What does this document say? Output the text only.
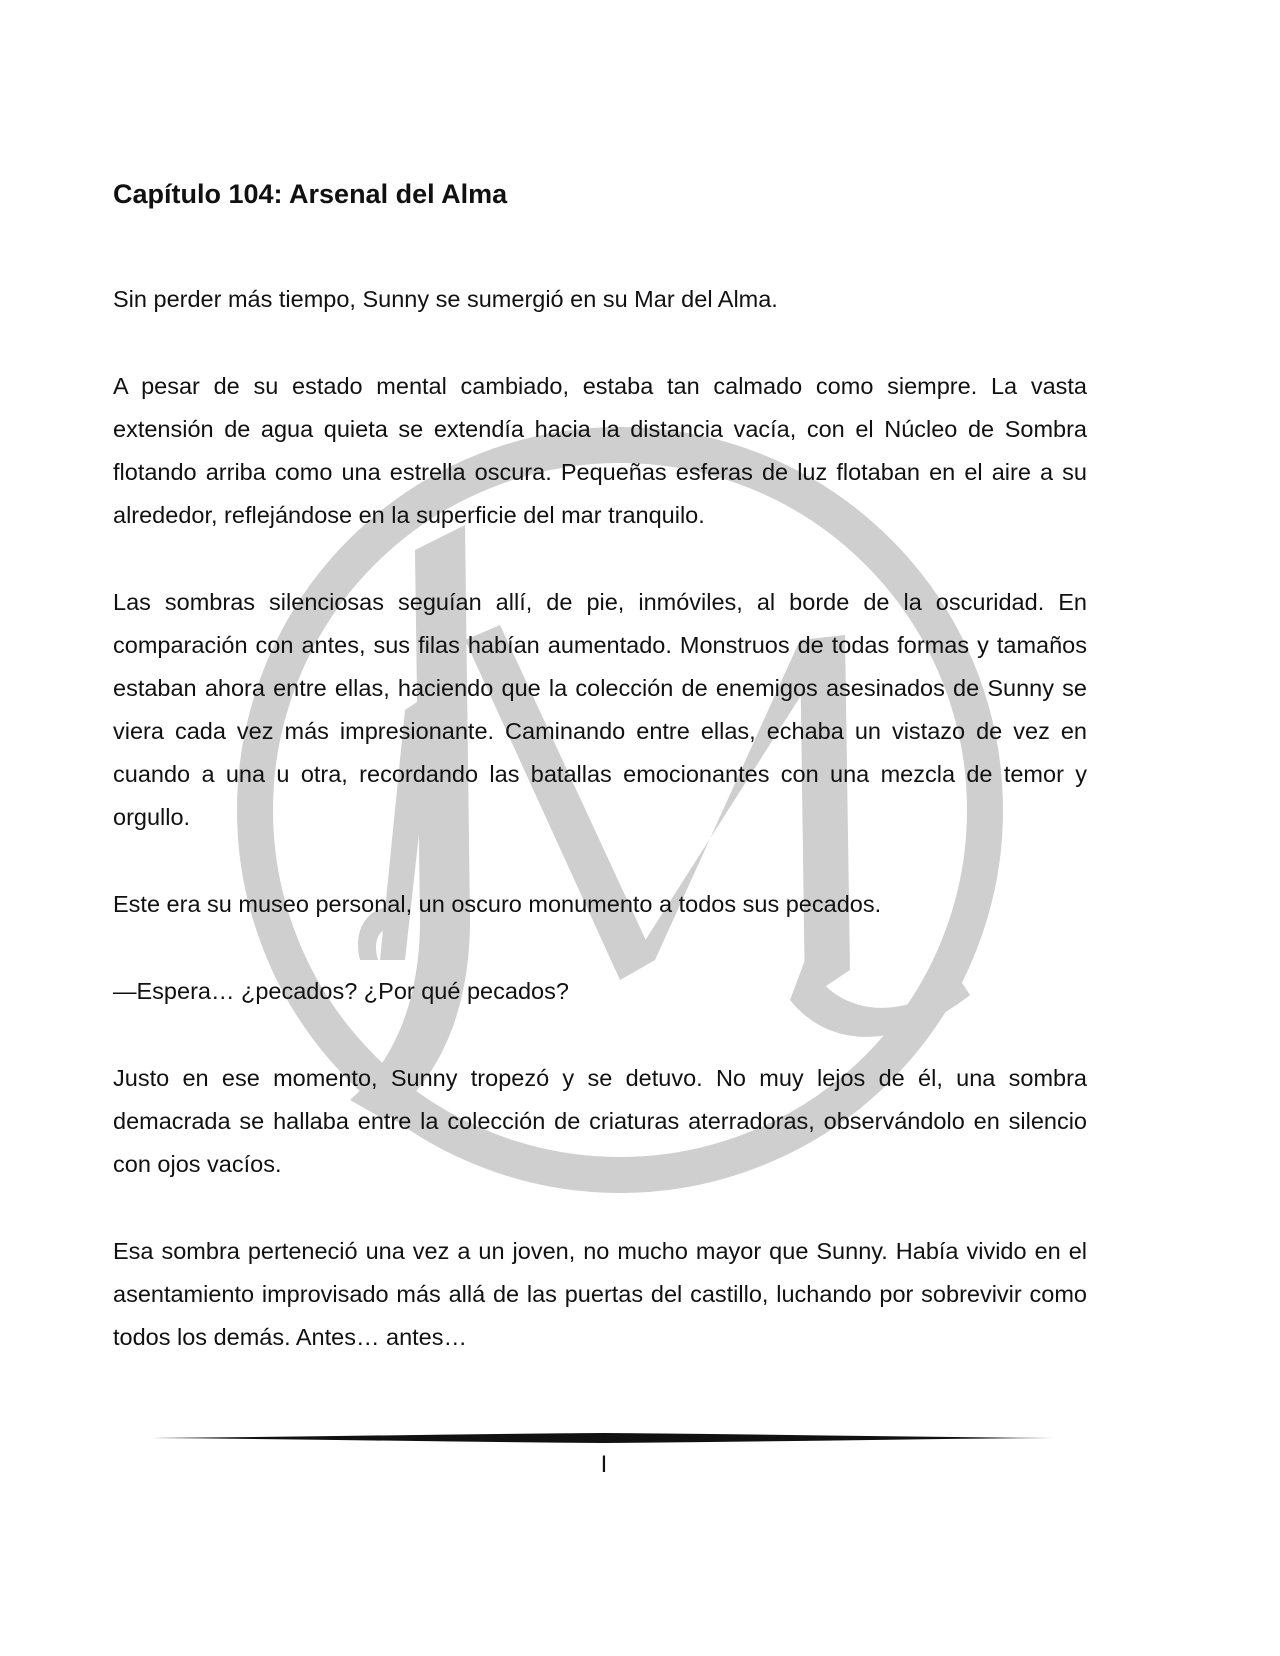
Capítulo 104: Arsenal del Alma

Sin perder más tiempo, Sunny se sumergió en su Mar del Alma.

A pesar de su estado mental cambiado, estaba tan calmado como siempre. La vasta extensión de agua quieta se extendía hacia la distancia vacía, con el Núcleo de Sombra flotando arriba como una estrella oscura. Pequeñas esferas de luz flotaban en el aire a su alrededor, reflejándose en la superficie del mar tranquilo.

Las sombras silenciosas seguían allí, de pie, inmóviles, al borde de la oscuridad. En comparación con antes, sus filas habían aumentado. Monstruos de todas formas y tamaños estaban ahora entre ellas, haciendo que la colección de enemigos asesinados de Sunny se viera cada vez más impresionante. Caminando entre ellas, echaba un vistazo de vez en cuando a una u otra, recordando las batallas emocionantes con una mezcla de temor y orgullo.

Este era su museo personal, un oscuro monumento a todos sus pecados.

—Espera… ¿pecados? ¿Por qué pecados?

Justo en ese momento, Sunny tropezó y se detuvo. No muy lejos de él, una sombra demacrada se hallaba entre la colección de criaturas aterradoras, observándolo en silencio con ojos vacíos.

Esa sombra perteneció una vez a un joven, no mucho mayor que Sunny. Había vivido en el asentamiento improvisado más allá de las puertas del castillo, luchando por sobrevivir como todos los demás. Antes… antes…

I
